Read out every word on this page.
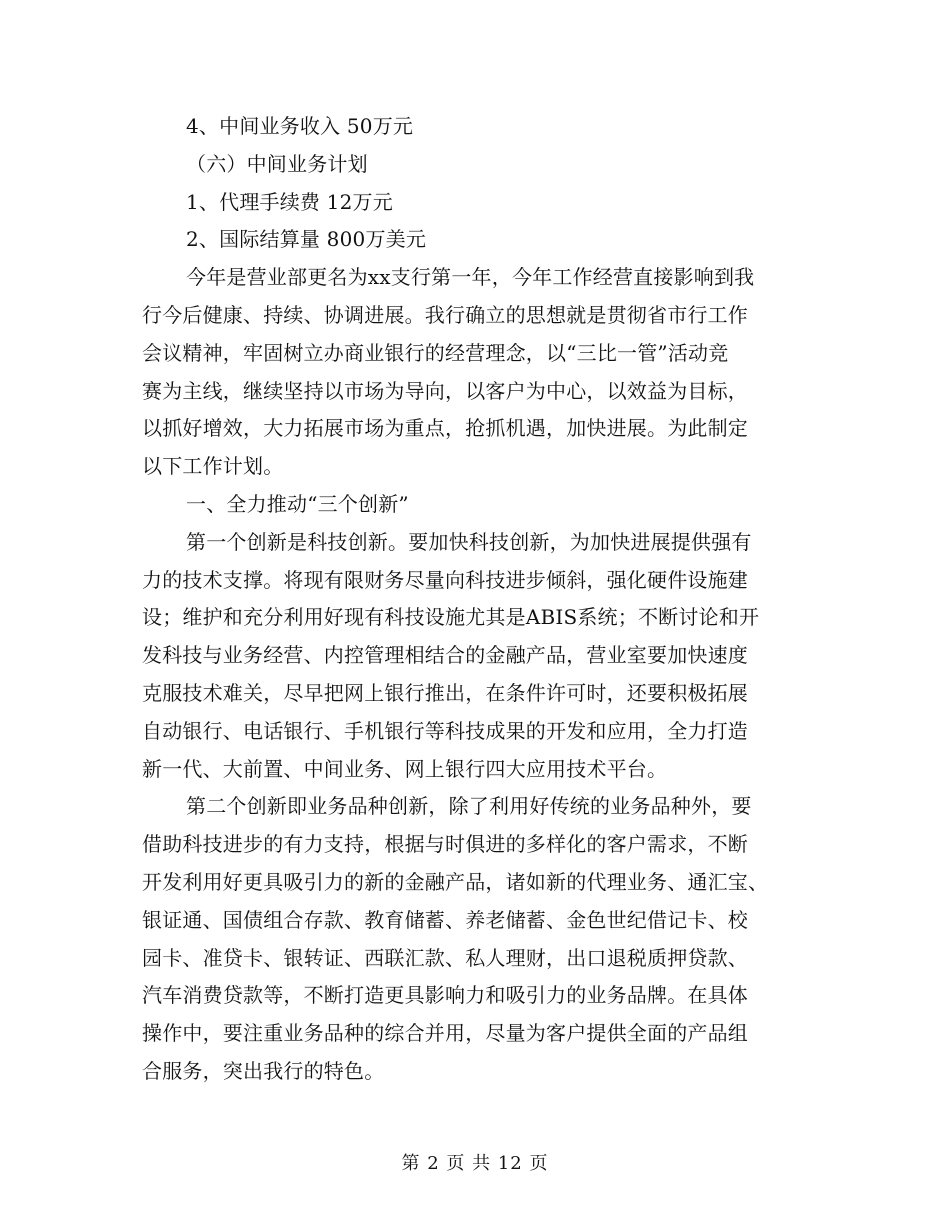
4、中间业务收入 50万元

（六）中间业务计划

1、代理手续费 12万元

2、国际结算量 800万美元

今年是营业部更名为xx支行第一年，今年工作经营直接影响到我

行今后健康、持续、协调进展。我行确立的思想就是贯彻省市行工作

会议精神，牢固树立办商业银行的经营理念，以“三比一管”活动竞

赛为主线，继续坚持以市场为导向，以客户为中心，以效益为目标，

以抓好增效，大力拓展市场为重点，抢抓机遇，加快进展。为此制定

以下工作计划。

一、全力推动“三个创新”

第一个创新是科技创新。要加快科技创新，为加快进展提供强有

力的技术支撑。将现有限财务尽量向科技进步倾斜，强化硬件设施建

设；维护和充分利用好现有科技设施尤其是ABIS系统；不断讨论和开

发科技与业务经营、内控管理相结合的金融产品，营业室要加快速度

克服技术难关，尽早把网上银行推出，在条件许可时，还要积极拓展

自动银行、电话银行、手机银行等科技成果的开发和应用，全力打造

新一代、大前置、中间业务、网上银行四大应用技术平台。

第二个创新即业务品种创新，除了利用好传统的业务品种外，要

借助科技进步的有力支持，根据与时俱进的多样化的客户需求，不断

开发利用好更具吸引力的新的金融产品，诸如新的代理业务、通汇宝、

银证通、国债组合存款、教育储蓄、养老储蓄、金色世纪借记卡、校

园卡、准贷卡、银转证、西联汇款、私人理财，出口退税质押贷款、

汽车消费贷款等，不断打造更具影响力和吸引力的业务品牌。在具体

操作中，要注重业务品种的综合并用，尽量为客户提供全面的产品组

合服务，突出我行的特色。

第 2 页 共 12 页
